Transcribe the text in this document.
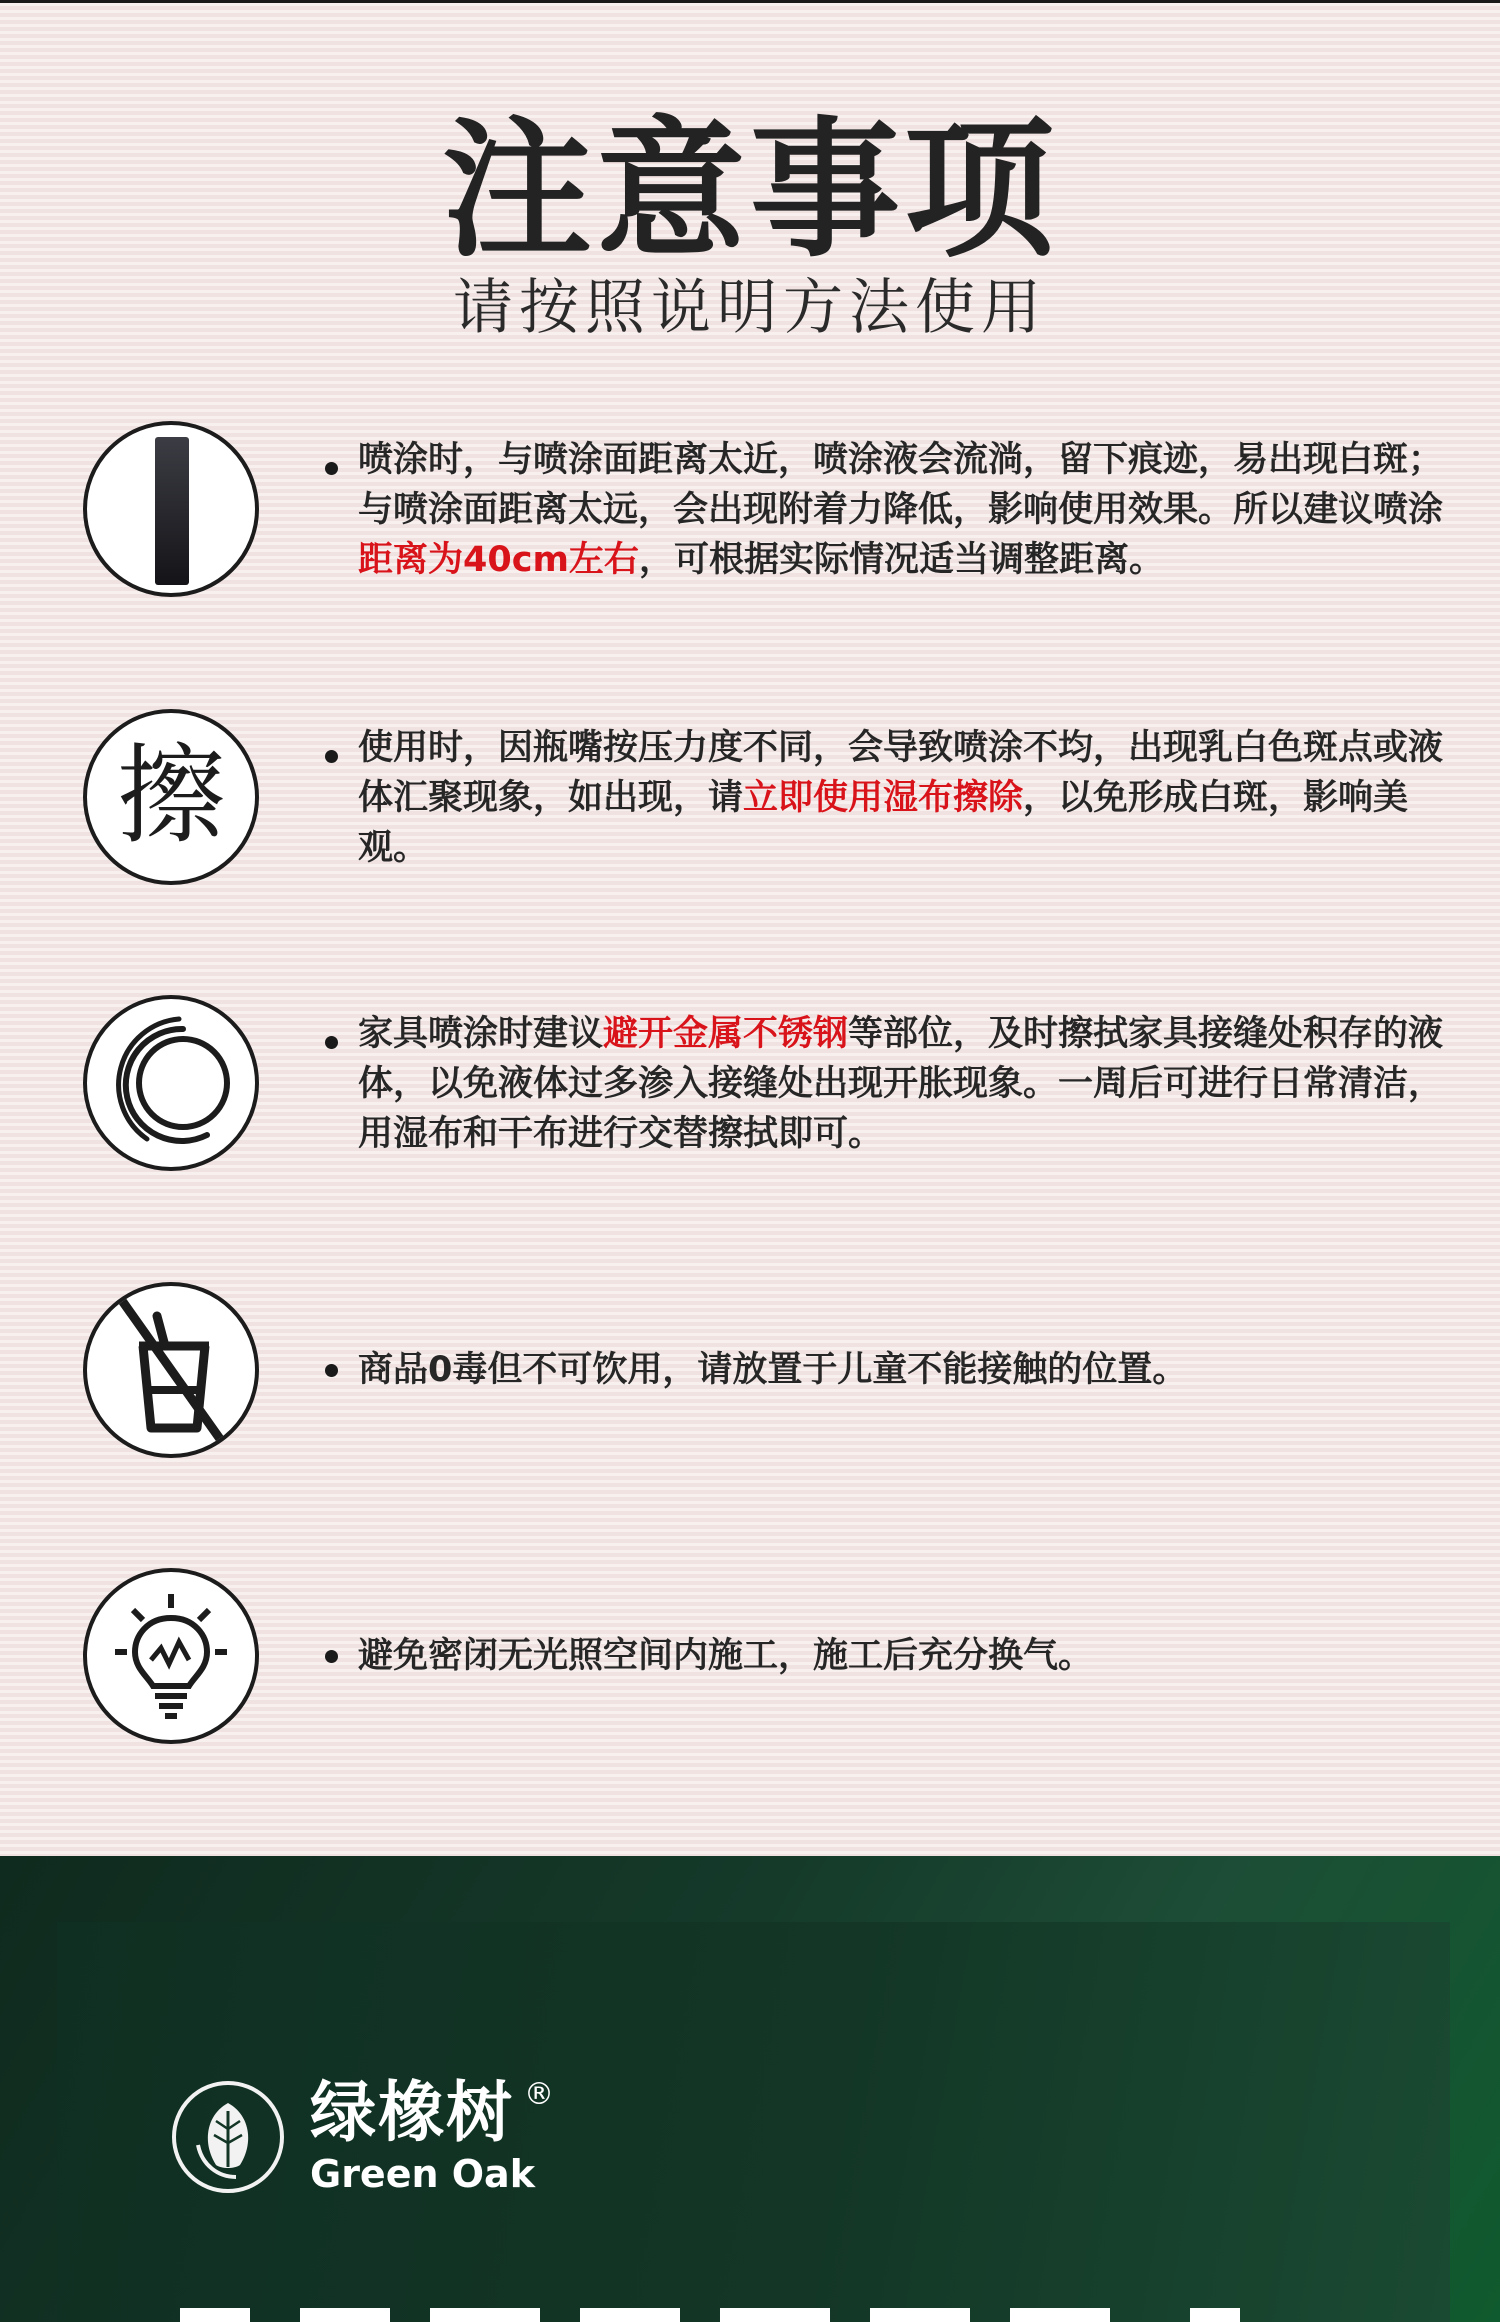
注意事项
请按照说明方法使用
喷涂时，与喷涂面距离太近，喷涂液会流淌，留下痕迹，易出现白斑；与喷涂面距离太远，会出现附着力降低，影响使用效果。所以建议喷涂距离为40cm左右，可根据实际情况适当调整距离。
擦	使用时，因瓶嘴按压力度不同，会导致喷涂不均，出现乳白色斑点或液体汇聚现象，如出现，请立即使用湿布擦除，以免形成白斑，影响美观。
家具喷涂时建议避开金属不锈钢等部位，及时擦拭家具接缝处积存的液体，以免液体过多渗入接缝处出现开胀现象。一周后可进行日常清洁，用湿布和干布进行交替擦拭即可。
商品0毒但不可饮用，请放置于儿童不能接触的位置。
避免密闭无光照空间内施工，施工后充分换气。
绿橡树 ®
Green Oak
